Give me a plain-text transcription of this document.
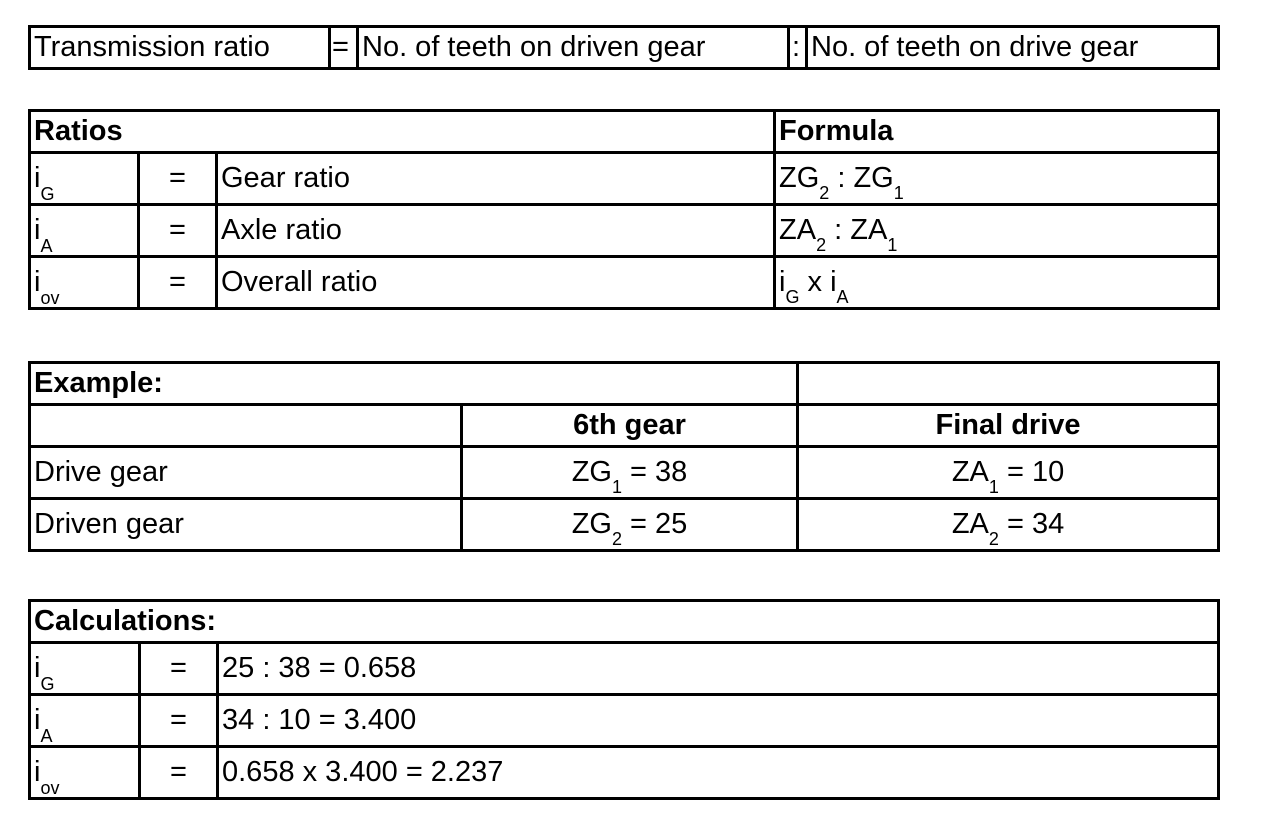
Transmission ratio	=	No. of teeth on driven gear	:	No. of teeth on drive gear
Ratios			Formula
$i_G$	=	Gear ratio	$ZG_2$ : $ZG_1$
$i_A$	=	Axle ratio	$ZA_2$ : $ZA_1$
$i_{ov}$	=	Overall ratio	$i_G$ x $i_A$
Example:		
	6th gear	Final drive
Drive gear	$ZG_1 = 38$	$ZA_1 = 10$
Driven gear	$ZG_2 = 25$	$ZA_2 = 34$
Calculations:		
$i_G$	=	25 : 38 = 0.658
$i_A$	=	34 : 10 = 3.400
$i_{ov}$	=	0.658 x 3.400 = 2.237
